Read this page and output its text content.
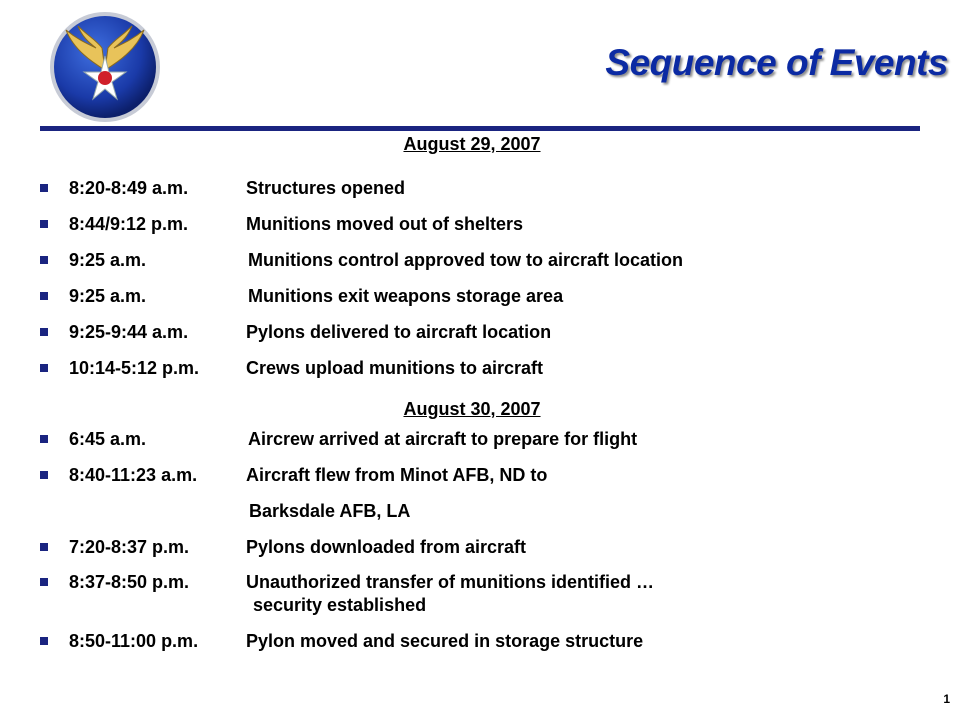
Sequence of Events
August 29, 2007
8:20-8:49 a.m.	Structures opened
8:44/9:12 p.m.	Munitions moved out of shelters
9:25 a.m.	Munitions control approved tow to aircraft location
9:25 a.m.	Munitions exit weapons storage area
9:25-9:44 a.m.	Pylons delivered to aircraft location
10:14-5:12 p.m.	Crews upload munitions to aircraft
August 30, 2007
6:45 a.m.	Aircrew arrived at aircraft to prepare for flight
8:40-11:23 a.m.	Aircraft flew from Minot AFB, ND to
Barksdale AFB, LA
7:20-8:37 p.m.	Pylons downloaded from aircraft
8:37-8:50 p.m.	Unauthorized transfer of munitions identified …
security established
8:50-11:00 p.m.	Pylon moved and secured in storage structure
1
